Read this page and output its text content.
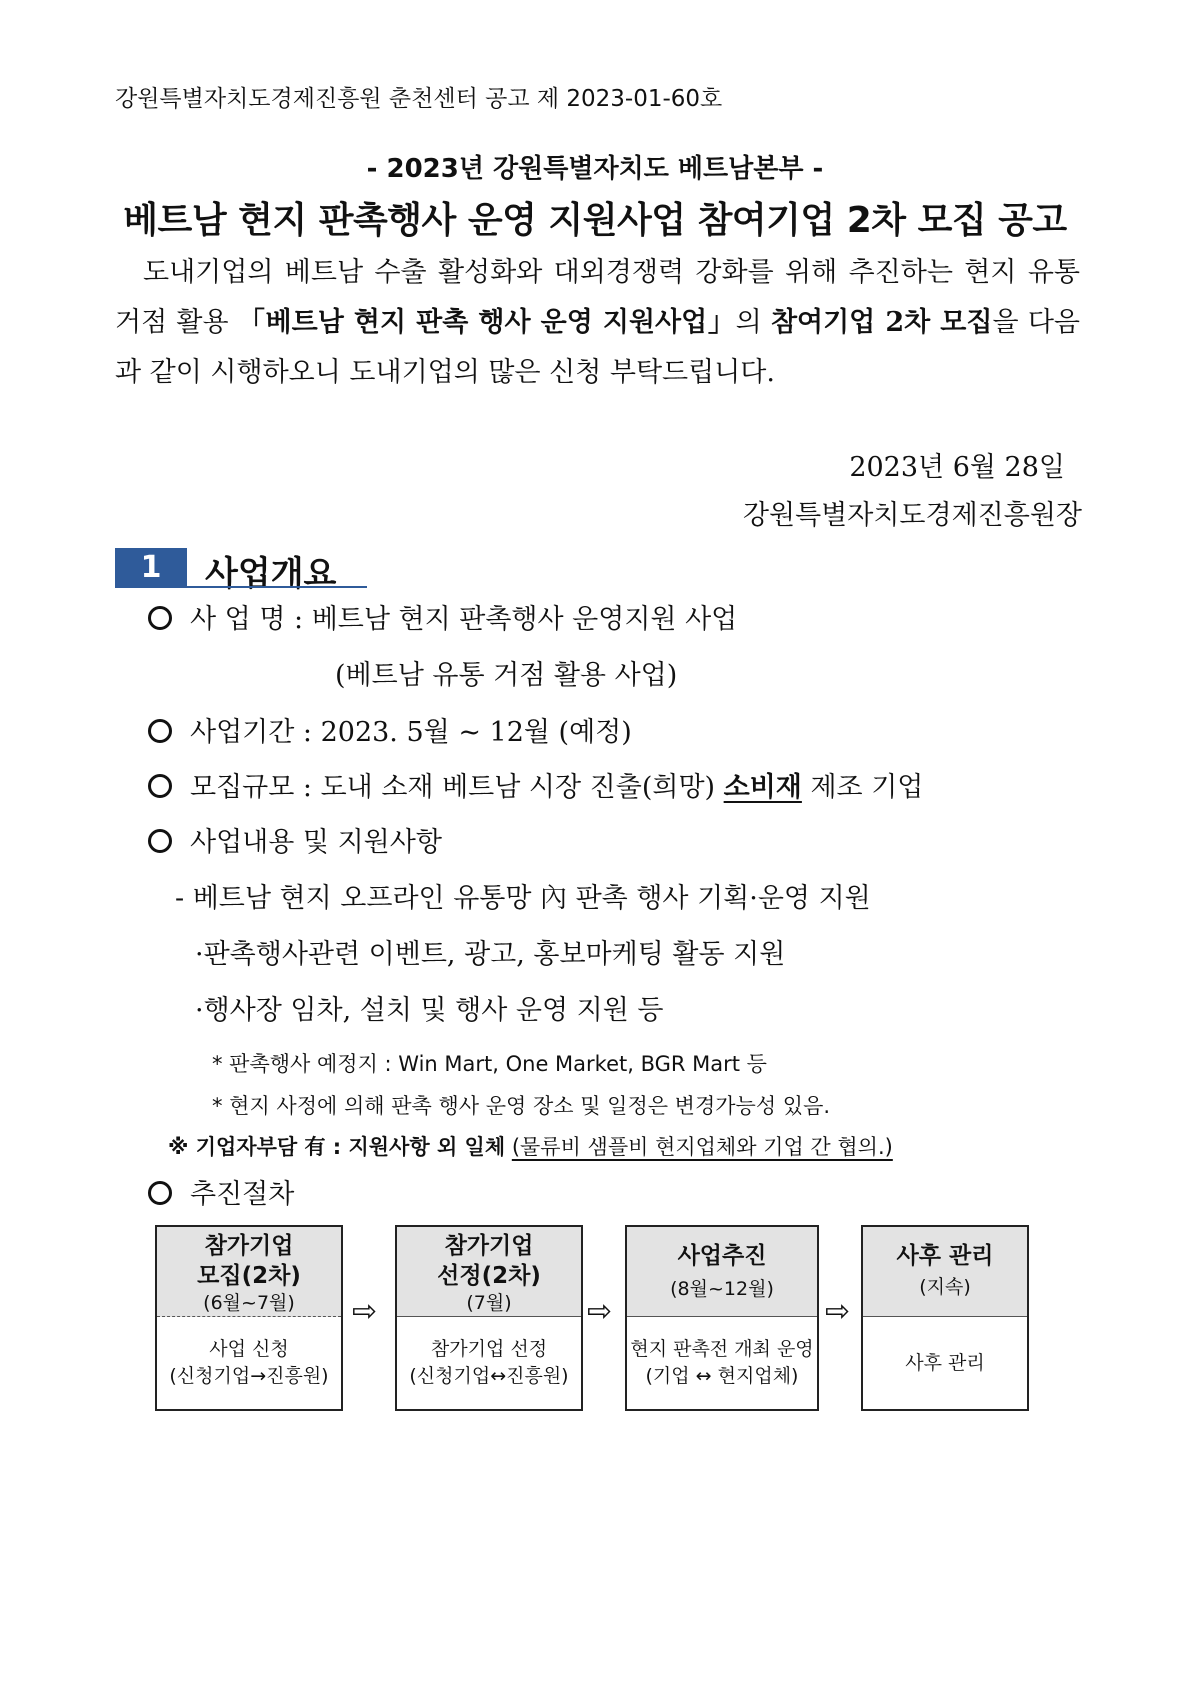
강원특별자치도경제진흥원 춘천센터 공고 제 2023-01-60호
- 2023년 강원특별자치도 베트남본부 -
베트남 현지 판촉행사 운영 지원사업 참여기업 2차 모집 공고
도내기업의 베트남 수출 활성화와 대외경쟁력 강화를 위해 추진하는 현지 유통 거점 활용 「베트남 현지 판촉 행사 운영 지원사업」의 참여기업 2차 모집을 다음과 같이 시행하오니 도내기업의 많은 신청 부탁드립니다.
2023년 6월 28일
강원특별자치도경제진흥원장
1	사업개요
사 업 명 : 베트남 현지 판촉행사 운영지원 사업
(베트남 유통 거점 활용 사업)
사업기간 : 2023. 5월 ~ 12월 (예정)
모집규모 : 도내 소재 베트남 시장 진출(희망) 소비재 제조 기업
사업내용 및 지원사항
- 베트남 현지 오프라인 유통망 內 판촉 행사 기획·운영 지원
·판촉행사관련 이벤트, 광고, 홍보마케팅 활동 지원
·행사장 임차, 설치 및 행사 운영 지원 등
* 판촉행사 예정지 : Win Mart, One Market, BGR Mart 등
* 현지 사정에 의해 판촉 행사 운영 장소 및 일정은 변경가능성 있음.
※ 기업자부담 有 : 지원사항 외 일체 (물류비 샘플비 현지업체와 기업 간 협의.)
추진절차
참가기업
모집(2차)
(6월~7월)
사업 신청
(신청기업→진흥원)
⇨
참가기업
선정(2차)
(7월)
참가기업 선정
(신청기업↔진흥원)
⇨
사업추진
(8월~12월)
현지 판촉전 개최 운영
(기업 ↔ 현지업체)
⇨
사후 관리
(지속)
사후 관리
